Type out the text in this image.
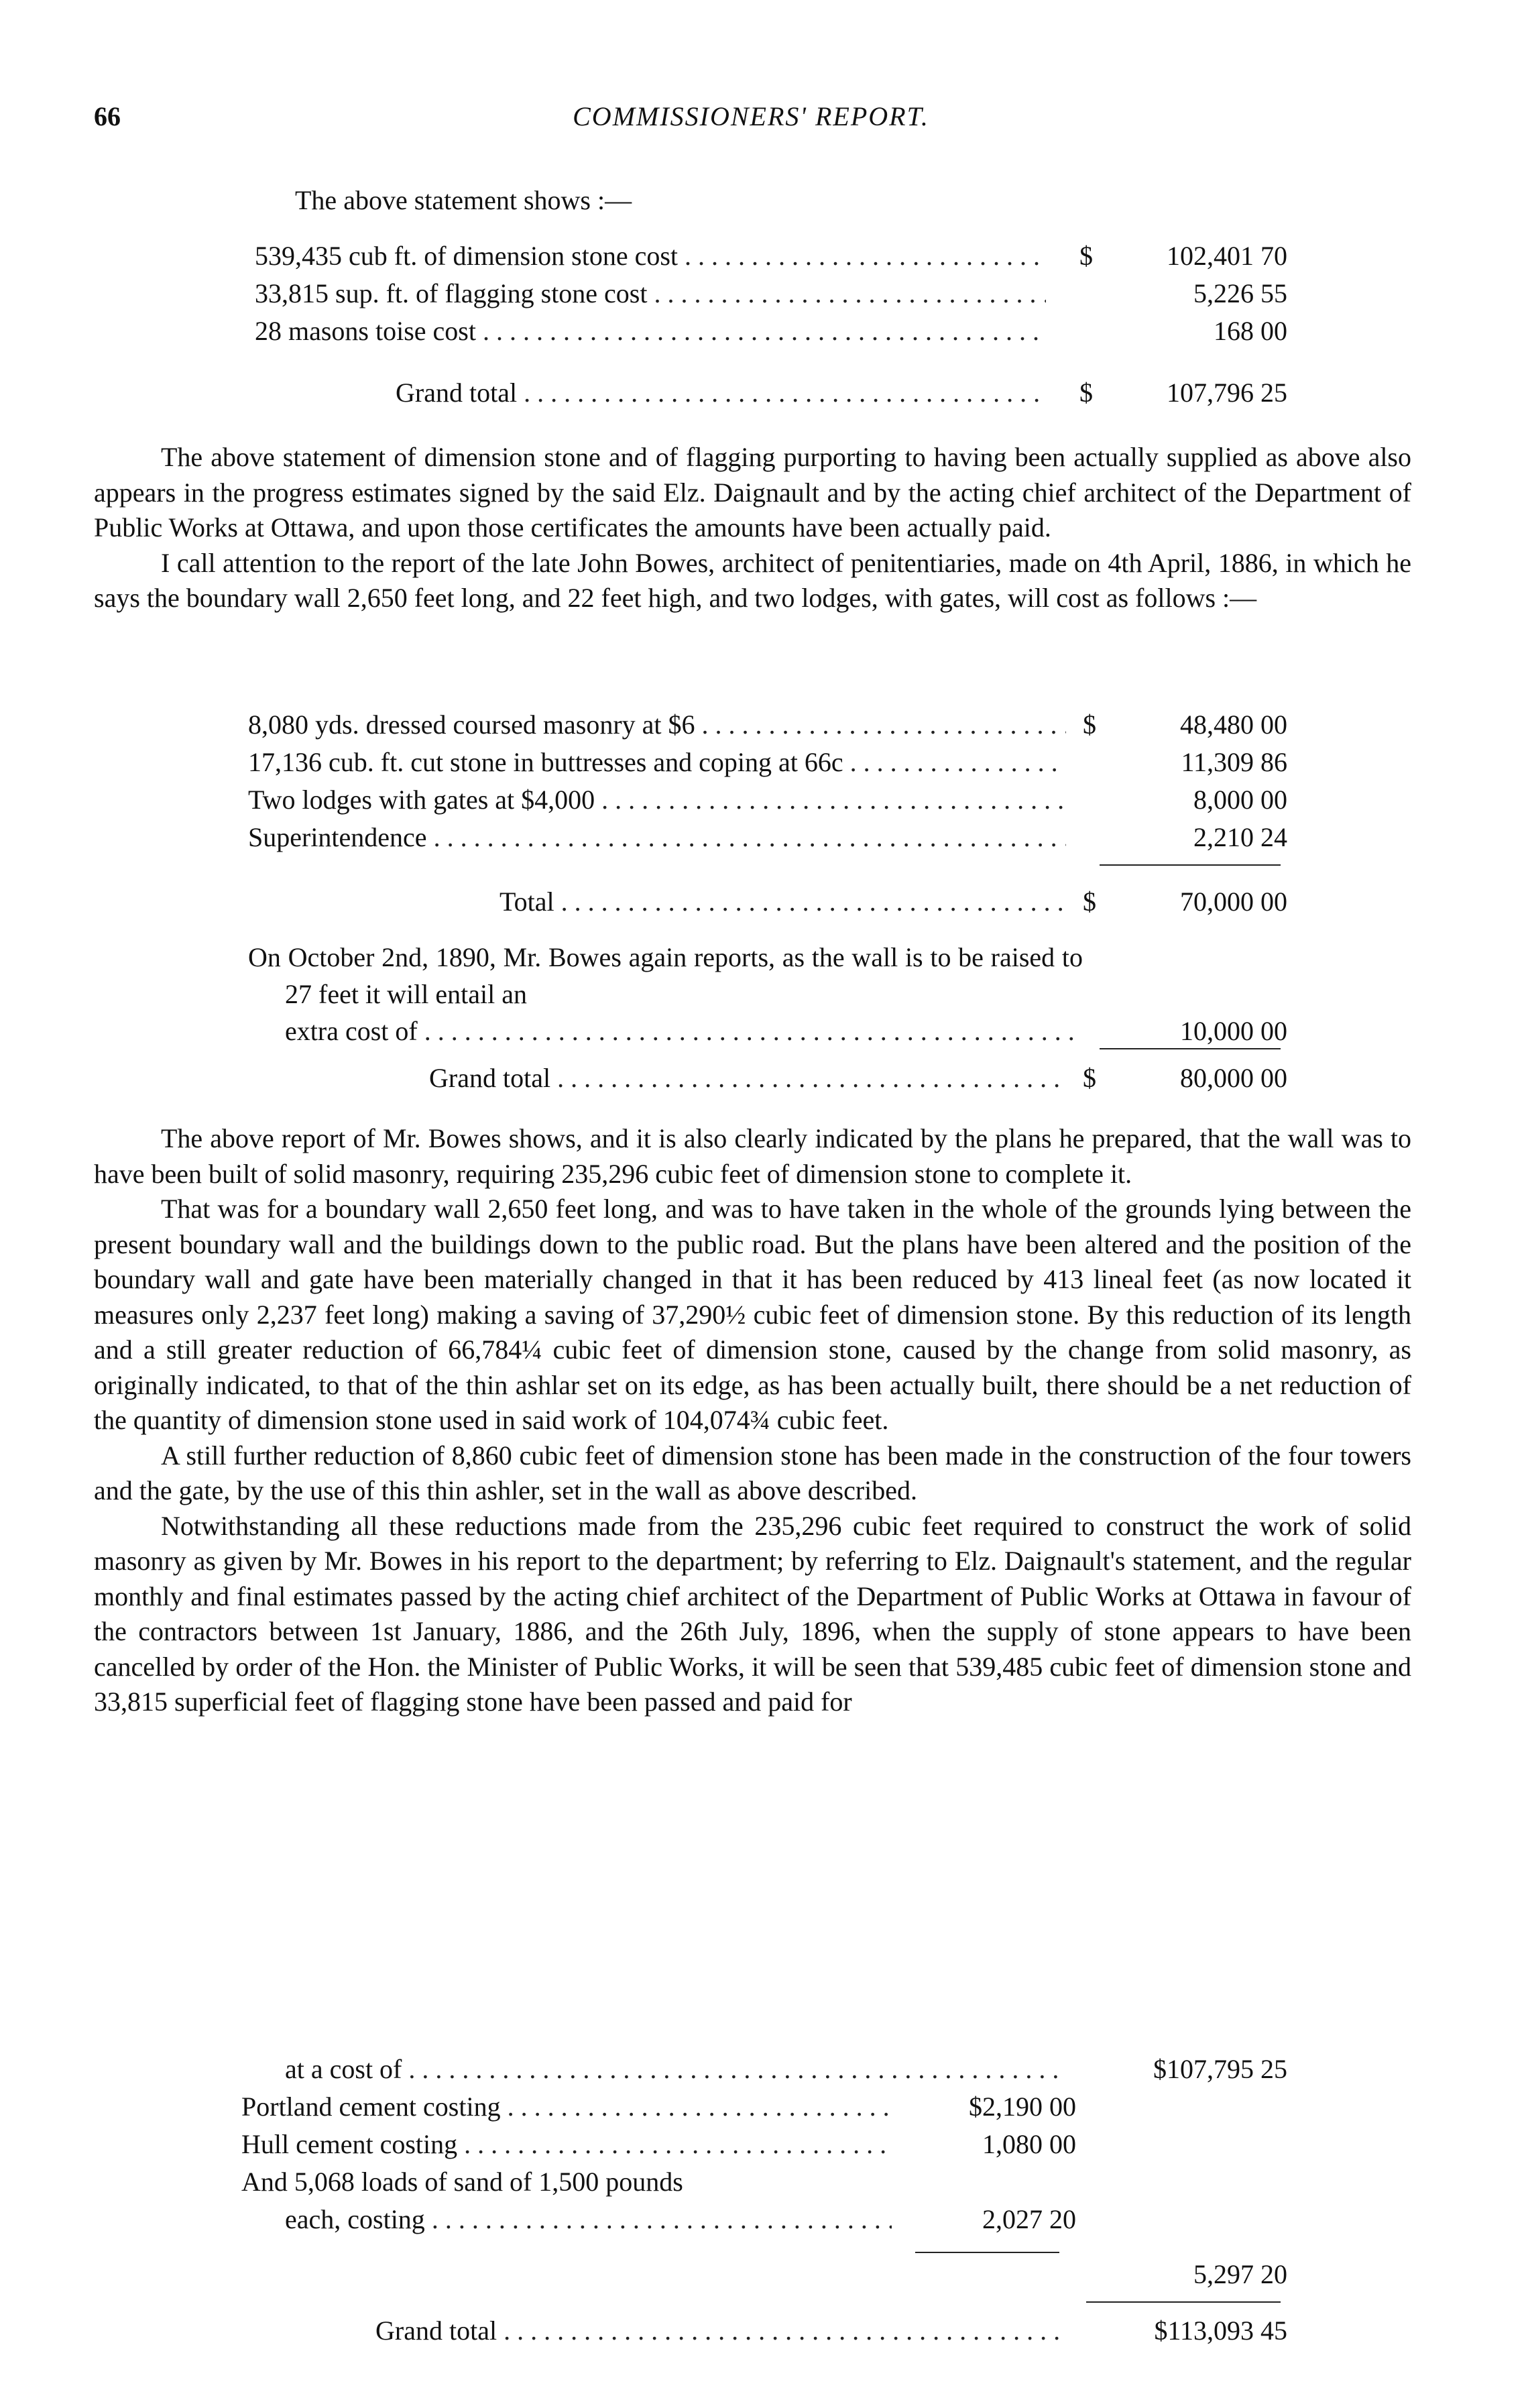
66	COMMISSIONERS' REPORT.
The above statement shows :—
539,435 cub ft. of dimension stone cost . . .	$	102,401 70
33,815 sup. ft. of flagging stone cost . . .	5,226 55
28 masons toise cost . . .	168 00
Grand total . . .	$	107,796 25

The above statement of dimension stone and of flagging purporting to having been actually supplied as above also appears in the progress estimates signed by the said Elz. Daignault and by the acting chief architect of the Department of Public Works at Ottawa, and upon those certificates the amounts have been actually paid.

I call attention to the report of the late John Bowes, architect of penitentiaries, made on 4th April, 1886, in which he says the boundary wall 2,650 feet long, and 22 feet high, and two lodges, with gates, will cost as follows :—

8,080 yds. dressed coursed masonry at $6 . . .	$	48,480 00
17,136 cub. ft. cut stone in buttresses and coping at 66c . . .	11,309 86
Two lodges with gates at $4,000 . . .	8,000 00
Superintendence . . .	2,210 24
Total . . .	$	70,000 00
On October 2nd, 1890, Mr. Bowes again reports, as the wall is to be raised to 27 feet it will entail an
extra cost of . . .	10,000 00
Grand total . . .	$	80,000 00

The above report of Mr. Bowes shows, and it is also clearly indicated by the plans he prepared, that the wall was to have been built of solid masonry, requiring 235,296 cubic feet of dimension stone to complete it.

That was for a boundary wall 2,650 feet long, and was to have taken in the whole of the grounds lying between the present boundary wall and the buildings down to the public road. But the plans have been altered and the position of the boundary wall and gate have been materially changed in that it has been reduced by 413 lineal feet (as now located it measures only 2,237 feet long) making a saving of 37,290½ cubic feet of dimension stone. By this reduction of its length and a still greater reduction of 66,784¼ cubic feet of dimension stone, caused by the change from solid masonry, as originally indicated, to that of the thin ashlar set on its edge, as has been actually built, there should be a net reduction of the quantity of dimension stone used in said work of 104,074¾ cubic feet.

A still further reduction of 8,860 cubic feet of dimension stone has been made in the construction of the four towers and the gate, by the use of this thin ashler, set in the wall as above described.

Notwithstanding all these reductions made from the 235,296 cubic feet required to construct the work of solid masonry as given by Mr. Bowes in his report to the department; by referring to Elz. Daignault's statement, and the regular monthly and final estimates passed by the acting chief architect of the Department of Public Works at Ottawa in favour of the contractors between 1st January, 1886, and the 26th July, 1896, when the supply of stone appears to have been cancelled by order of the Hon. the Minister of Public Works, it will be seen that 539,485 cubic feet of dimension stone and 33,815 superficial feet of flagging stone have been passed and paid for

at a cost of . . .	$107,795 25
Portland cement costing . . .	$2,190 00
Hull cement costing . . .	1,080 00
And 5,068 loads of sand of 1,500 pounds
each, costing . . .	2,027 20
5,297 20
Grand total . . .	$113,093 45
